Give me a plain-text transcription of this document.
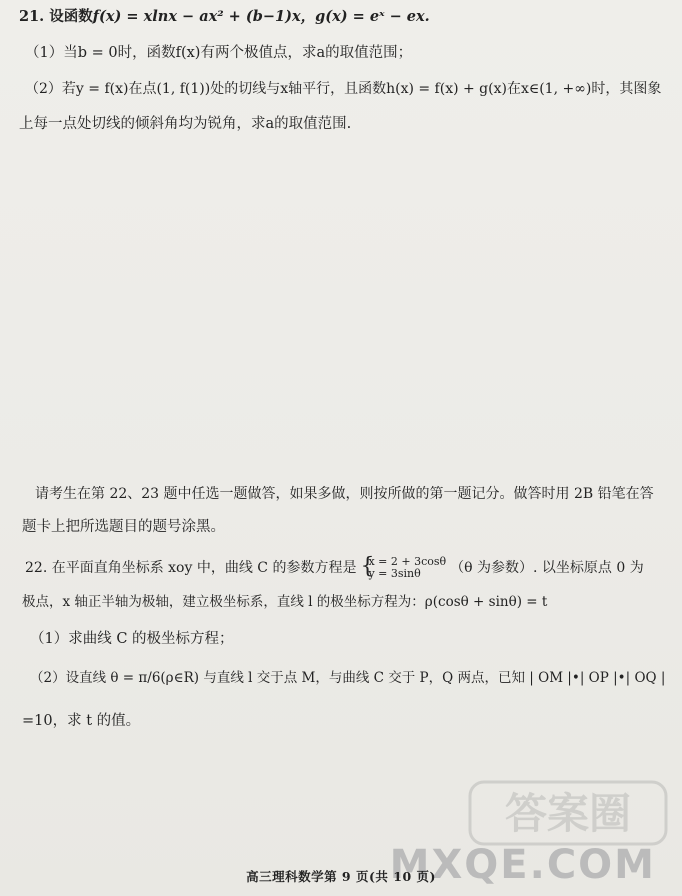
21. 设函数f(x) = xlnx − ax² + (b−1)x，g(x) = eˣ − ex.
（1）当b = 0时，函数f(x)有两个极值点，求a的取值范围；
（2）若y = f(x)在点(1, f(1))处的切线与x轴平行，且函数h(x) = f(x) + g(x)在x∈(1, +∞)时，其图象
上每一点处切线的倾斜角均为锐角，求a的取值范围.
请考生在第 22、23 题中任选一题做答，如果多做，则按所做的第一题记分。做答时用 2B 铅笔在答
题卡上把所选题目的题号涂黑。
22. 在平面直角坐标系 xoy 中，曲线 C 的参数方程是
{ x = 2 + 3cosθ
y = 3sinθ	（θ 为参数）. 以坐标原点 0 为
极点，x 轴正半轴为极轴，建立极坐标系，直线 l 的极坐标方程为：ρ(cosθ + sinθ) = t
（1）求曲线 C 的极坐标方程；
（2）设直线 θ = π/6(ρ∈R) 与直线 l 交于点 M，与曲线 C 交于 P，Q 两点，已知 | OM |•| OP |•| OQ |
=10，求 t 的值。
答案圈
MXQE.COM
高三理科数学第 9 页(共 10 页)
